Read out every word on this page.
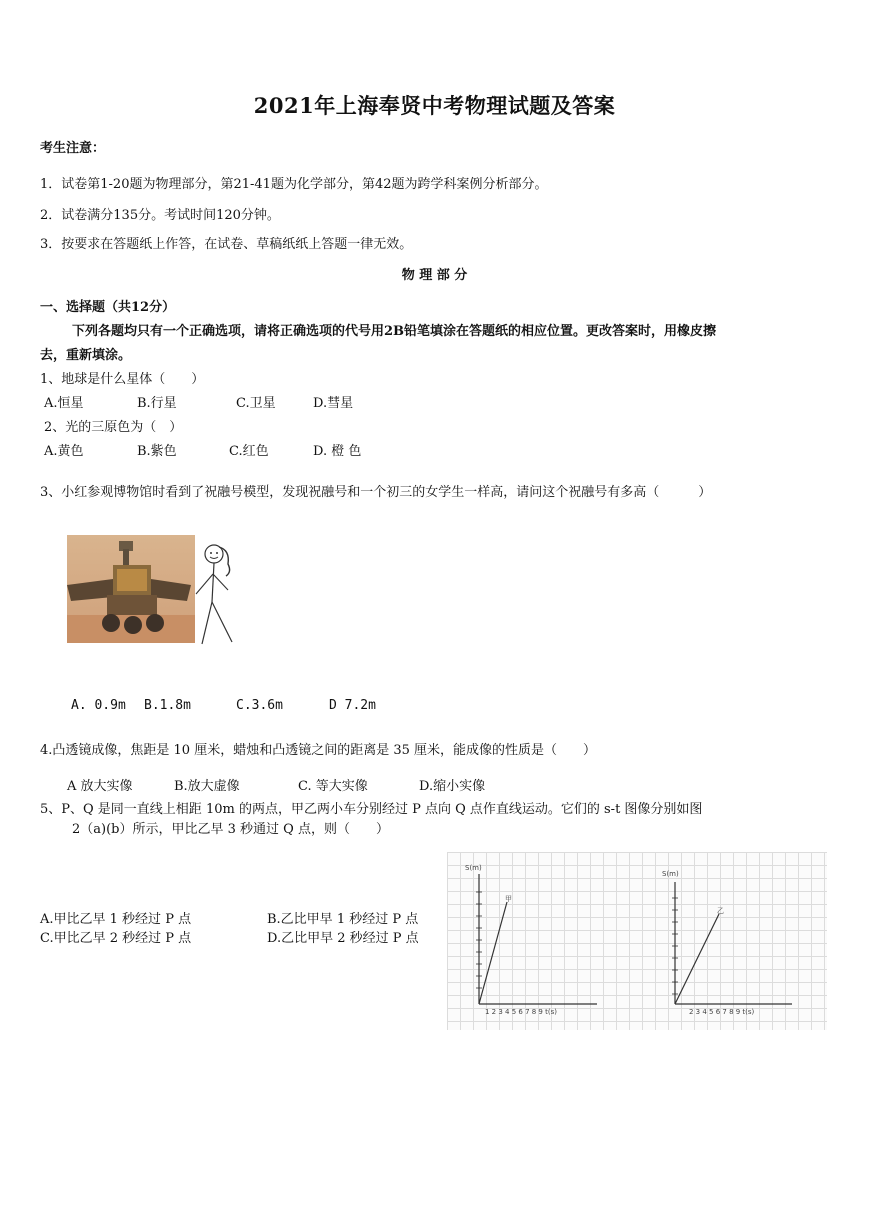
2021年上海奉贤中考物理试题及答案
考生注意：
1．试卷第1-20题为物理部分，第21-41题为化学部分，第42题为跨学科案例分析部分。
2．试卷满分135分。考试时间120分钟。
3．按要求在答题纸上作答，在试卷、草稿纸纸上答题一律无效。
物 理 部 分
一、选择题（共12分）
下列各题均只有一个正确选项，请将正确选项的代号用2B铅笔填涂在答题纸的相应位置。更改答案时，用橡皮擦
去，重新填涂。
1、地球是什么星体（　　）
A.恒星	B.行星	C.卫星	D.彗星
2、光的三原色为（　）
A.黄色	B.紫色	C.红色	D. 橙 色
3、小红参观博物馆时看到了祝融号模型，发现祝融号和一个初三的女学生一样高，请问这个祝融号有多高（　　　）
A. 0.9m B.1.8m	C.3.6m	D 7.2m
4.凸透镜成像，焦距是 10 厘米，蜡烛和凸透镜之间的距离是 35 厘米，能成像的性质是（　　）
A 放大实像	B.放大虚像	C. 等大实像	D.缩小实像
5、P、Q 是同一直线上相距 10m 的两点，甲乙两小车分别经过 P 点向 Q 点作直线运动。它们的 s-t 图像分别如图
2（a)(b）所示，甲比乙早 3 秒通过 Q 点，则（　　）
A.甲比乙早 1 秒经过 P 点	B.乙比甲早 1 秒经过 P 点
C.甲比乙早 2 秒经过 P 点	D.乙比甲早 2 秒经过 P 点
S(m)
1 2 3 4 5 6 7 8 9 t(s)
甲
S(m)
2 3 4 5 6 7 8 9 t(s)
乙
